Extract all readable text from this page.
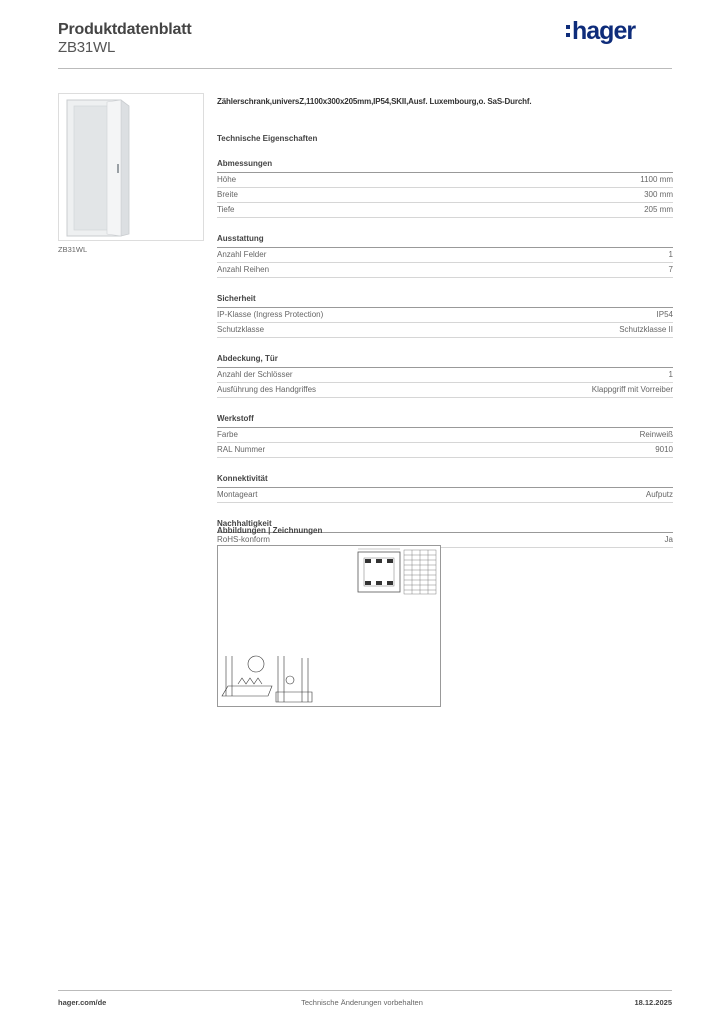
Produktdatenblatt
ZB31WL
hager
ZB31WL
Zählerschrank,universZ,1100x300x205mm,IP54,SKII,Ausf. Luxembourg,o. SaS-Durchf.
Technische Eigenschaften
Abmessungen
Höhe	1100 mm
Breite	300 mm
Tiefe	205 mm
Ausstattung
Anzahl Felder	1
Anzahl Reihen	7
Sicherheit
IP-Klasse (Ingress Protection)	IP54
Schutzklasse	Schutzklasse II
Abdeckung, Tür
Anzahl der Schlösser	1
Ausführung des Handgriffes	Klappgriff mit Vorreiber
Werkstoff
Farbe	Reinweiß
RAL Nummer	9010
Konnektivität
Montageart	Aufputz
Nachhaltigkeit
RoHS-konform	Ja
Abbildungen | Zeichnungen
hager.com/de	Technische Änderungen vorbehalten	18.12.2025
